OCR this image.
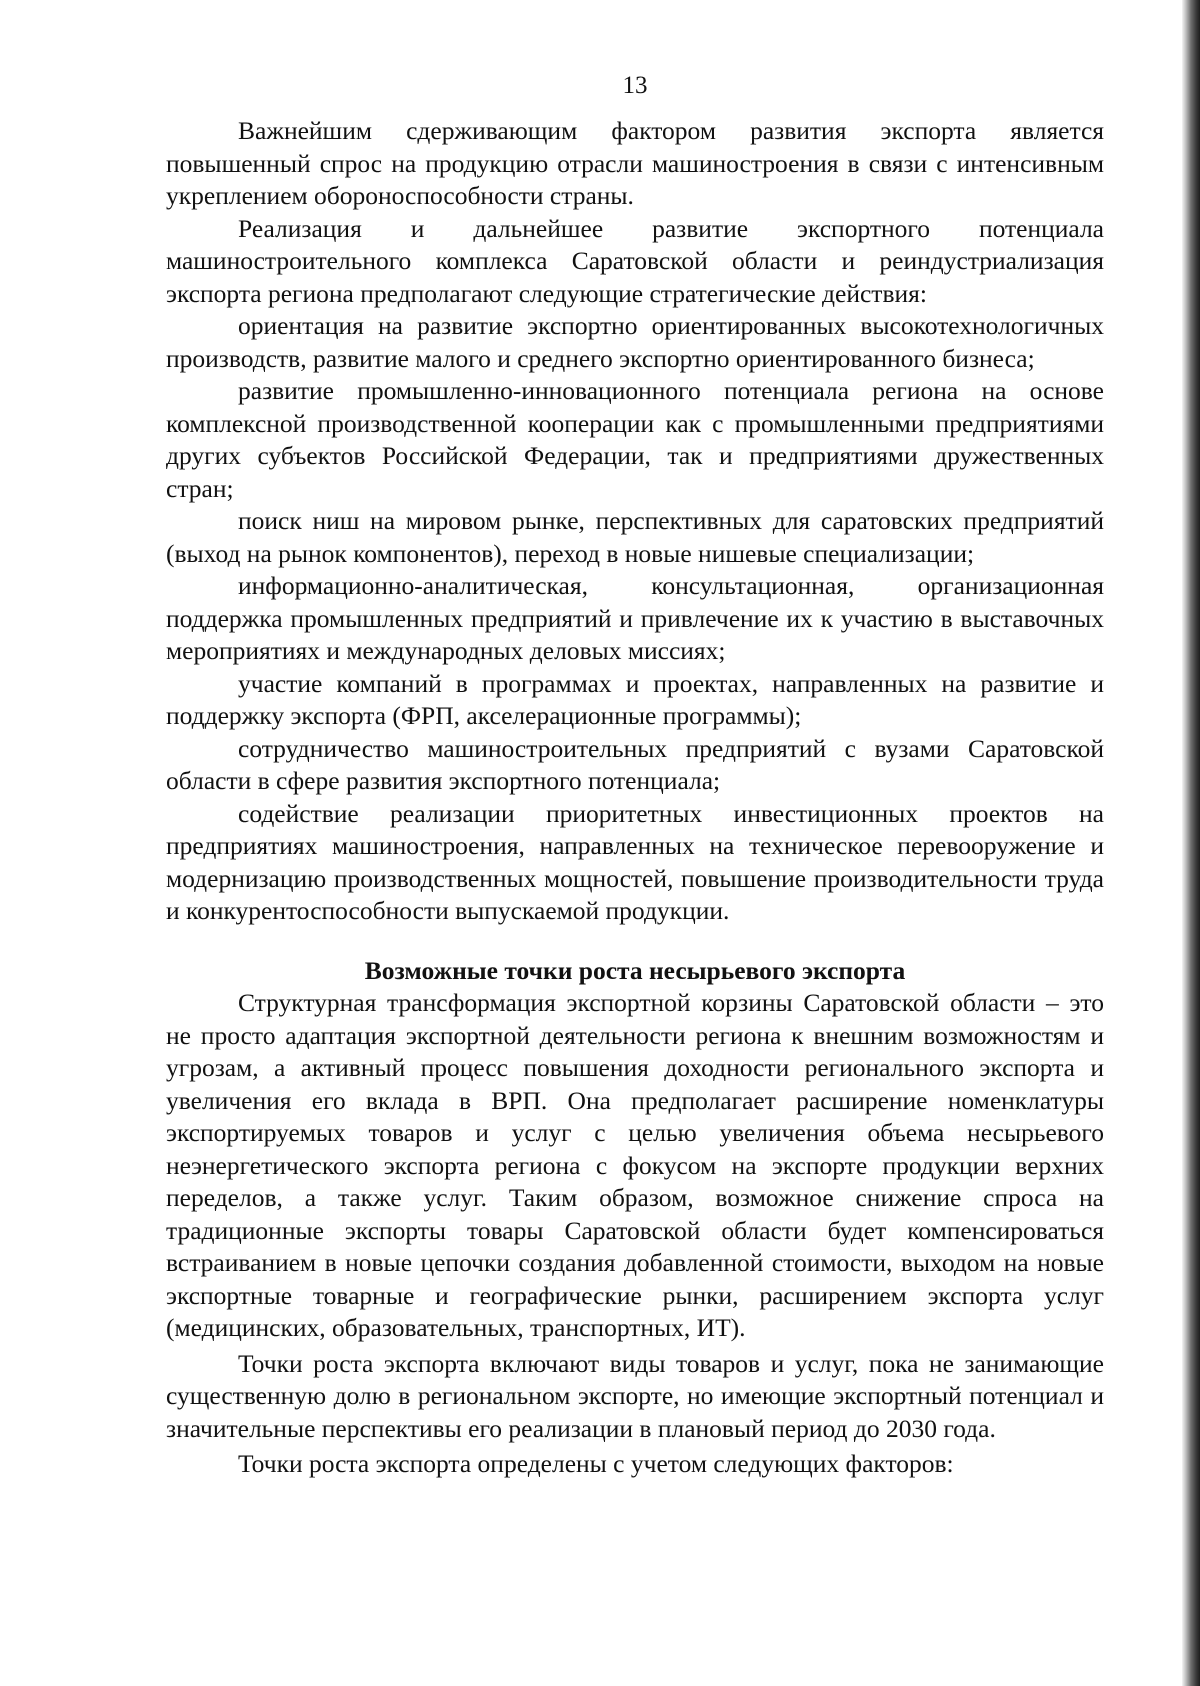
13

Важнейшим сдерживающим фактором развития экспорта является повышенный спрос на продукцию отрасли машиностроения в связи с интенсивным укреплением обороноспособности страны.

Реализация и дальнейшее развитие экспортного потенциала машиностроительного комплекса Саратовской области и реиндустриализация экспорта региона предполагают следующие стратегические действия:

ориентация на развитие экспортно ориентированных высокотехнологичных производств, развитие малого и среднего экспортно ориентированного бизнеса;

развитие промышленно-инновационного потенциала региона на основе комплексной производственной кооперации как с промышленными предприятиями других субъектов Российской Федерации, так и предприятиями дружественных стран;

поиск ниш на мировом рынке, перспективных для саратовских предприятий (выход на рынок компонентов), переход в новые нишевые специализации;

информационно-аналитическая, консультационная, организационная поддержка промышленных предприятий и привлечение их к участию в выставочных мероприятиях и международных деловых миссиях;

участие компаний в программах и проектах, направленных на развитие и поддержку экспорта (ФРП, акселерационные программы);

сотрудничество машиностроительных предприятий с вузами Саратовской области в сфере развития экспортного потенциала;

содействие реализации приоритетных инвестиционных проектов на предприятиях машиностроения, направленных на техническое перевооружение и модернизацию производственных мощностей, повышение производительности труда и конкурентоспособности выпускаемой продукции.

Возможные точки роста несырьевого экспорта

Структурная трансформация экспортной корзины Саратовской области – это не просто адаптация экспортной деятельности региона к внешним возможностям и угрозам, а активный процесс повышения доходности регионального экспорта и увеличения его вклада в ВРП. Она предполагает расширение номенклатуры экспортируемых товаров и услуг с целью увеличения объема несырьевого неэнергетического экспорта региона с фокусом на экспорте продукции верхних переделов, а также услуг. Таким образом, возможное снижение спроса на традиционные экспорты товары Саратовской области будет компенсироваться встраиванием в новые цепочки создания добавленной стоимости, выходом на новые экспортные товарные и географические рынки, расширением экспорта услуг (медицинских, образовательных, транспортных, ИТ).

Точки роста экспорта включают виды товаров и услуг, пока не занимающие существенную долю в региональном экспорте, но имеющие экспортный потенциал и значительные перспективы его реализации в плановый период до 2030 года.

Точки роста экспорта определены с учетом следующих факторов:
